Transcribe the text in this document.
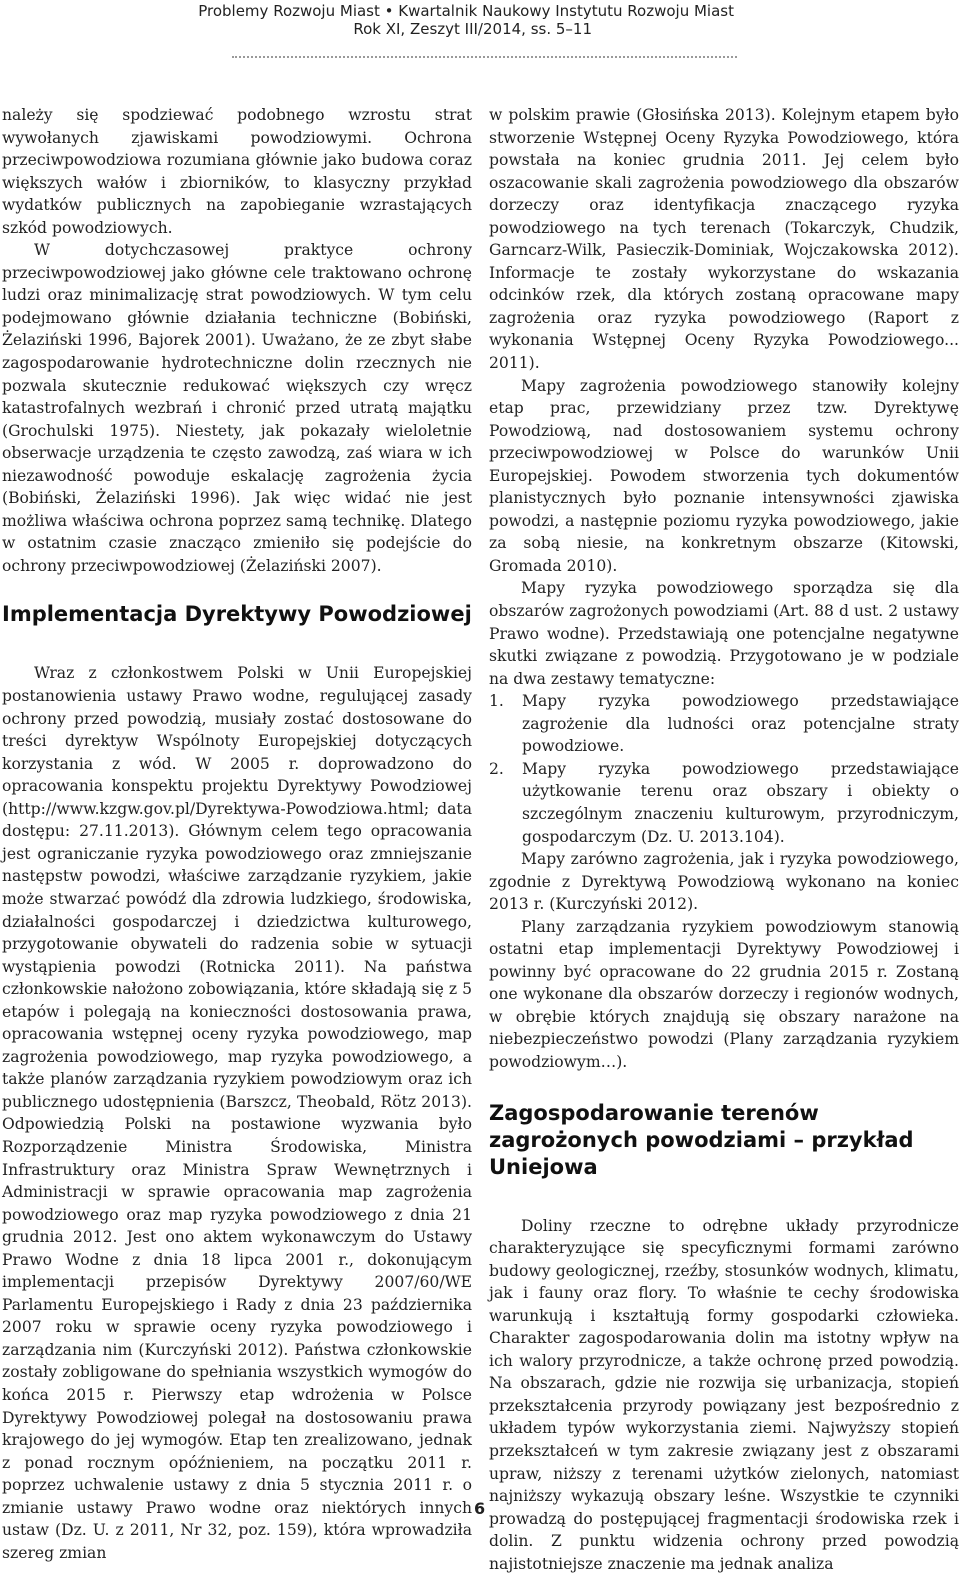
Problemy Rozwoju Miast • Kwartalnik Naukowy Instytutu Rozwoju Miast
Rok XI, Zeszyt III/2014, ss. 5–11

należy się spodziewać podobnego wzrostu strat wywołanych zjawiskami powodziowymi. Ochrona przeciwpowodziowa rozumiana głównie jako budowa coraz większych wałów i zbiorników, to klasyczny przykład wydatków publicznych na zapobieganie wzrastających szkód powodziowych.

W dotychczasowej praktyce ochrony przeciwpowodziowej jako główne cele traktowano ochronę ludzi oraz minimalizację strat powodziowych. W tym celu podejmowano głównie działania techniczne (Bobiński, Żelaziński 1996, Bajorek 2001). Uważano, że ze zbyt słabe zagospodarowanie hydrotechniczne dolin rzecznych nie pozwala skutecznie redukować większych czy wręcz katastrofalnych wezbrań i chronić przed utratą majątku (Grochulski 1975). Niestety, jak pokazały wieloletnie obserwacje urządzenia te często zawodzą, zaś wiara w ich niezawodność powoduje eskalację zagrożenia życia (Bobiński, Żelaziński 1996). Jak więc widać nie jest możliwa właściwa ochrona poprzez samą technikę. Dlatego w ostatnim czasie znacząco zmieniło się podejście do ochrony przeciwpowodziowej (Żelaziński 2007).

Implementacja Dyrektywy Powodziowej

Wraz z członkostwem Polski w Unii Europejskiej postanowienia ustawy Prawo wodne, regulującej zasady ochrony przed powodzią, musiały zostać dostosowane do treści dyrektyw Wspólnoty Europejskiej dotyczących korzystania z wód. W 2005 r. doprowadzono do opracowania konspektu projektu Dyrektywy Powodziowej (http://www.kzgw.gov.pl/Dyrektywa-Powodziowa.html; data dostępu: 27.11.2013). Głównym celem tego opracowania jest ograniczanie ryzyka powodziowego oraz zmniejszanie następstw powodzi, właściwe zarządzanie ryzykiem, jakie może stwarzać powódź dla zdrowia ludzkiego, środowiska, działalności gospodarczej i dziedzictwa kulturowego, przygotowanie obywateli do radzenia sobie w sytuacji wystąpienia powodzi (Rotnicka 2011). Na państwa członkowskie nałożono zobowiązania, które składają się z 5 etapów i polegają na konieczności dostosowania prawa, opracowania wstępnej oceny ryzyka powodziowego, map zagrożenia powodziowego, map ryzyka powodziowego, a także planów zarządzania ryzykiem powodziowym oraz ich publicznego udostępnienia (Barszcz, Theobald, Rötz 2013). Odpowiedzią Polski na postawione wyzwania było Rozporządzenie Ministra Środowiska, Ministra Infrastruktury oraz Ministra Spraw Wewnętrznych i Administracji w sprawie opracowania map zagrożenia powodziowego oraz map ryzyka powodziowego z dnia 21 grudnia 2012. Jest ono aktem wykonawczym do Ustawy Prawo Wodne z dnia 18 lipca 2001 r., dokonującym implementacji przepisów Dyrektywy 2007/60/WE Parlamentu Europejskiego i Rady z dnia 23 października 2007 roku w sprawie oceny ryzyka powodziowego i zarządzania nim (Kurczyński 2012). Państwa członkowskie zostały zobligowane do spełniania wszystkich wymogów do końca 2015 r. Pierwszy etap wdrożenia w Polsce Dyrektywy Powodziowej polegał na dostosowaniu prawa krajowego do jej wymogów. Etap ten zrealizowano, jednak z ponad rocznym opóźnieniem, na początku 2011 r. poprzez uchwalenie ustawy z dnia 5 stycznia 2011 r. o zmianie ustawy Prawo wodne oraz niektórych innych ustaw (Dz. U. z 2011, Nr 32, poz. 159), która wprowadziła szereg zmian

w polskim prawie (Głosińska 2013). Kolejnym etapem było stworzenie Wstępnej Oceny Ryzyka Powodziowego, która powstała na koniec grudnia 2011. Jej celem było oszacowanie skali zagrożenia powodziowego dla obszarów dorzeczy oraz identyfikacja znaczącego ryzyka powodziowego na tych terenach (Tokarczyk, Chudzik, Garncarz-Wilk, Pasieczik-Dominiak, Wojczakowska 2012). Informacje te zostały wykorzystane do wskazania odcinków rzek, dla których zostaną opracowane mapy zagrożenia oraz ryzyka powodziowego (Raport z wykonania Wstępnej Oceny Ryzyka Powodziowego... 2011).

Mapy zagrożenia powodziowego stanowiły kolejny etap prac, przewidziany przez tzw. Dyrektywę Powodziową, nad dostosowaniem systemu ochrony przeciwpowodziowej w Polsce do warunków Unii Europejskiej. Powodem stworzenia tych dokumentów planistycznych było poznanie intensywności zjawiska powodzi, a następnie poziomu ryzyka powodziowego, jakie za sobą niesie, na konkretnym obszarze (Kitowski, Gromada 2010).

Mapy ryzyka powodziowego sporządza się dla obszarów zagrożonych powodziami (Art. 88 d ust. 2 ustawy Prawo wodne). Przedstawiają one potencjalne negatywne skutki związane z powodzią. Przygotowano je w podziale na dwa zestawy tematyczne:

1. Mapy ryzyka powodziowego przedstawiające zagrożenie dla ludności oraz potencjalne straty powodziowe.
2. Mapy ryzyka powodziowego przedstawiające użytkowanie terenu oraz obszary i obiekty o szczególnym znaczeniu kulturowym, przyrodniczym, gospodarczym (Dz. U. 2013.104).

Mapy zarówno zagrożenia, jak i ryzyka powodziowego, zgodnie z Dyrektywą Powodziową wykonano na koniec 2013 r. (Kurczyński 2012).

Plany zarządzania ryzykiem powodziowym stanowią ostatni etap implementacji Dyrektywy Powodziowej i powinny być opracowane do 22 grudnia 2015 r. Zostaną one wykonane dla obszarów dorzeczy i regionów wodnych, w obrębie których znajdują się obszary narażone na niebezpieczeństwo powodzi (Plany zarządzania ryzykiem powodziowym…).

Zagospodarowanie terenów zagrożonych powodziami – przykład Uniejowa

Doliny rzeczne to odrębne układy przyrodnicze charakteryzujące się specyficznymi formami zarówno budowy geologicznej, rzeźby, stosunków wodnych, klimatu, jak i fauny oraz flory. To właśnie te cechy środowiska warunkują i kształtują formy gospodarki człowieka. Charakter zagospodarowania dolin ma istotny wpływ na ich walory przyrodnicze, a także ochronę przed powodzią. Na obszarach, gdzie nie rozwija się urbanizacja, stopień przekształcenia przyrody powiązany jest bezpośrednio z układem typów wykorzystania ziemi. Najwyższy stopień przekształceń w tym zakresie związany jest z obszarami upraw, niższy z terenami użytków zielonych, natomiast najniższy wykazują obszary leśne. Wszystkie te czynniki prowadzą do postępującej fragmentacji środowiska rzek i dolin. Z punktu widzenia ochrony przed powodzią najistotniejsze znaczenie ma jednak analiza

6
